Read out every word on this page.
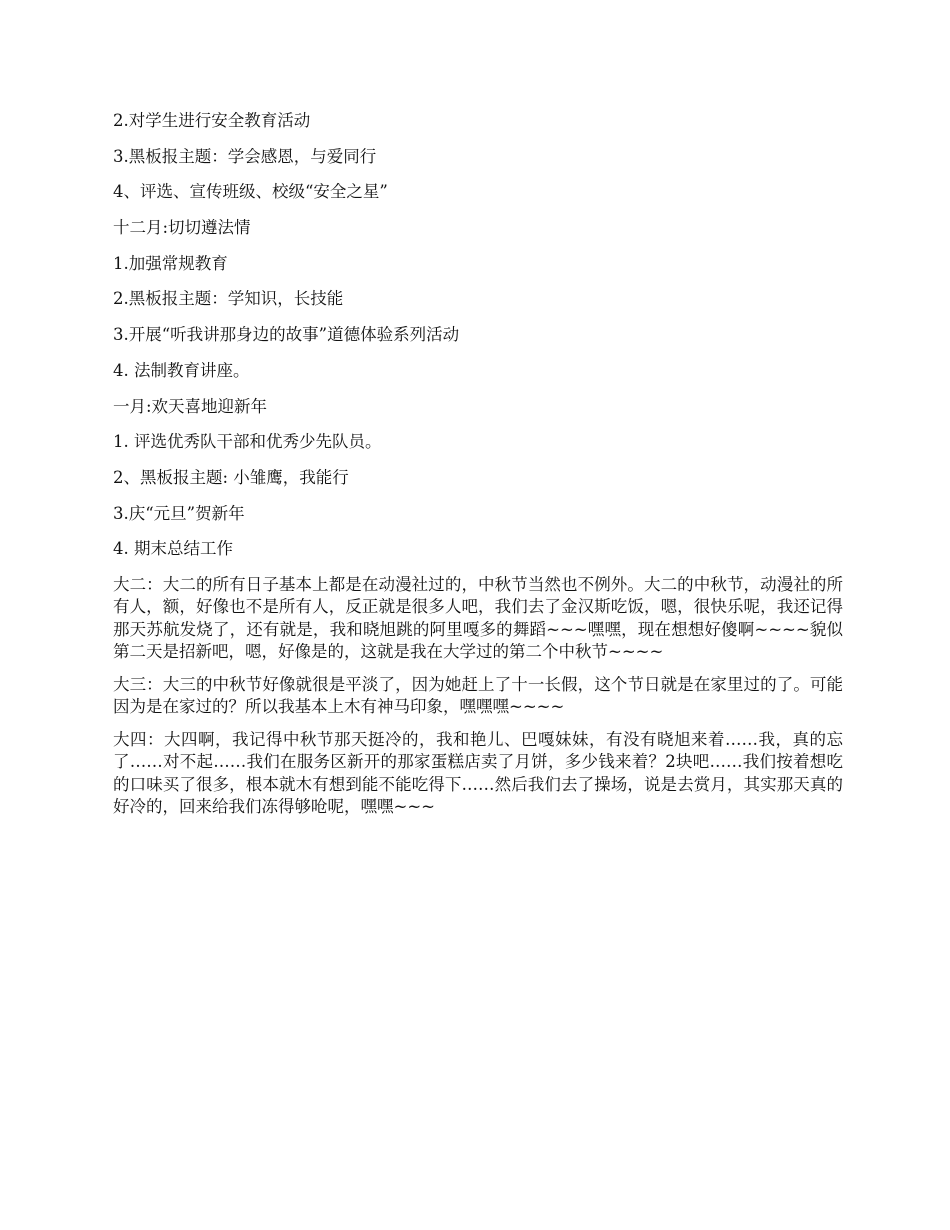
2.对学生进行安全教育活动
3.黑板报主题：学会感恩，与爱同行
4、评选、宣传班级、校级“安全之星”
十二月:切切遵法情
1.加强常规教育
2.黑板报主题：学知识，长技能
3.开展“听我讲那身边的故事”道德体验系列活动
4. 法制教育讲座。
一月:欢天喜地迎新年
1. 评选优秀队干部和优秀少先队员。
2、黑板报主题: 小雏鹰，我能行
3.庆“元旦”贺新年
4. 期末总结工作

大二：大二的所有日子基本上都是在动漫社过的，中秋节当然也不例外。大二的中秋节，动漫社的所有人，额，好像也不是所有人，反正就是很多人吧，我们去了金汉斯吃饭，嗯，很快乐呢，我还记得那天苏航发烧了，还有就是，我和晓旭跳的阿里嘎多的舞蹈~~~嘿嘿，现在想想好傻啊~~~~貌似第二天是招新吧，嗯，好像是的，这就是我在大学过的第二个中秋节~~~~

大三：大三的中秋节好像就很是平淡了，因为她赶上了十一长假，这个节日就是在家里过的了。可能因为是在家过的？所以我基本上木有神马印象，嘿嘿嘿~~~~

大四：大四啊，我记得中秋节那天挺冷的，我和艳儿、巴嘎妹妹，有没有晓旭来着……我，真的忘了……对不起……我们在服务区新开的那家蛋糕店卖了月饼，多少钱来着？2块吧……我们按着想吃的口味买了很多，根本就木有想到能不能吃得下……然后我们去了操场，说是去赏月，其实那天真的好冷的，回来给我们冻得够呛呢，嘿嘿~~~
